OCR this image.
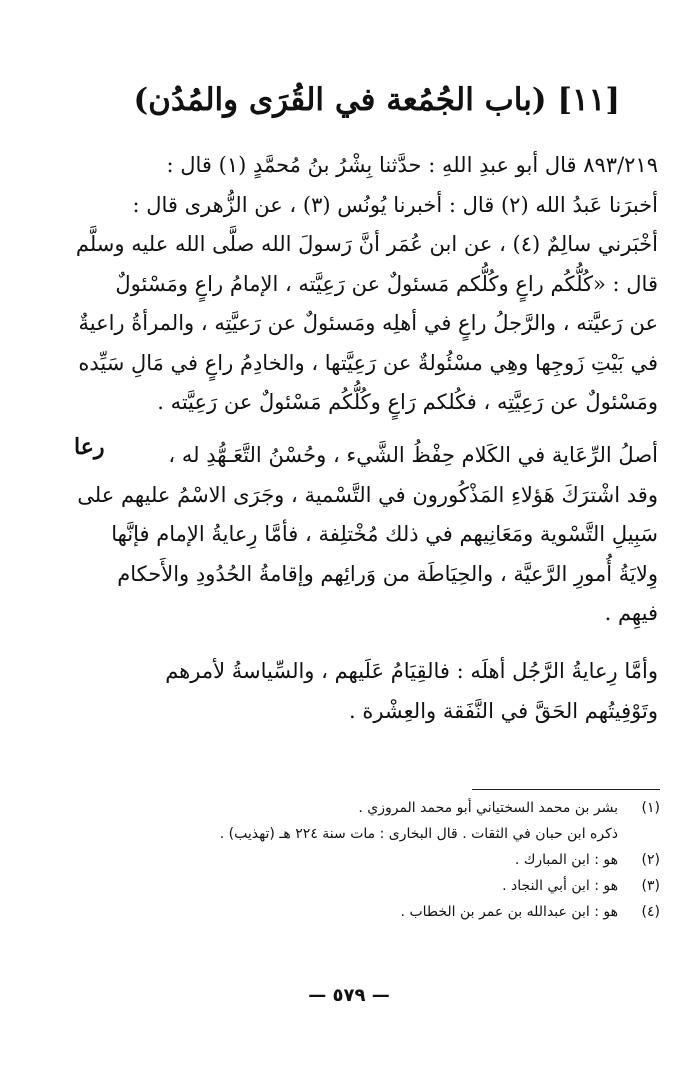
[١١] (باب الجُمُعة في القُرَى والمُدُن)
٨٩٣/٢١٩ قال أبو عبدِ اللهِ : حدَّثنا بِشْرُ بنُ مُحمَّدٍ (١) قال :
أخبرَنا عَبدُ الله (٢) قال : أخبرنا يُونُس (٣) ، عن الزُّهرى قال :
أخْبَرني سالِمٌ (٤) ، عن ابن عُمَر أنَّ رَسولَ الله صلَّى الله عليه وسلَّم
قال : «كُلُّكُم راعٍ وكُلُّكم مَسئولٌ عن رَعِيَّته ، الإمامُ راعٍ ومَسْئولٌ
عن رَعيَّته ، والرَّجلُ راعٍ في أهلِه ومَسئولٌ عن رَعيَّتِه ، والمرأةُ راعيةٌ
في بَيْتِ زَوجِها وهِي مسْئُولةٌ عن رَعِيَّتها ، والخادِمُ راعٍ في مَالِ سَيِّده
ومَسْئولٌ عن رَعِيَّتِه ، فكُلكم رَاعٍ وكُلُّكُم مَسْئولٌ عن رَعِيَّته .
رعا	أصلُ الرِّعَاية في الكَلام حِفْظُ الشَّيء ، وحُسْنُ التَّعَـهُّدِ له ،
وقد اشْترَكَ هَؤلاءِ المَذْكُورون في التَّسْمية ، وجَرَى الاسْمُ عليهم على
سَبِيلِ التَّسْوية ومَعَانِيهم في ذلك مُخْتلِفة ، فأمَّا رِعايةُ الإمام فإنَّها
وِلايَةُ أُمورِ الرَّعيَّة ، والحِيَاطَة من وَرائِهم وإقامةُ الحُدُودِ والأَحكام
فيهِم .
وأمَّا رِعايةُ الرَّجُل أهلَه : فالقِيَامُ عَلَيهم ، والسِّياسةُ لأمرهم
وتَوْفِيتُهم الحَقَّ في النَّفَقة والعِشْرة .
(١)
بشر بن محمد السختياني أبو محمد المروزي .
ذكره ابن حبان في الثقات . قال البخارى : مات سنة ٢٢٤ هـ (تهذيب) .
(٢)
هو : ابن المبارك .
(٣)
هو : ابن أبي النجاد .
(٤)
هو : ابن عبدالله بن عمر بن الخطاب .
— ٥٧٩ —
